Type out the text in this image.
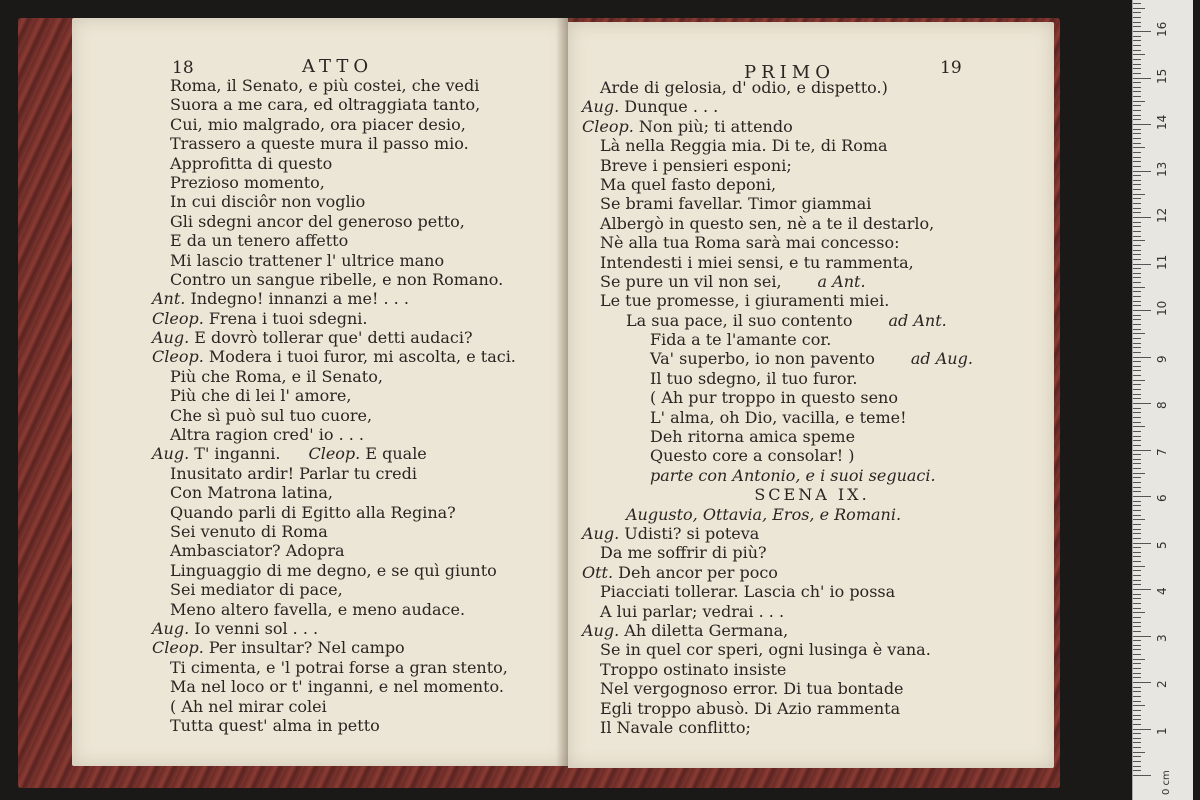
18	ATTO
Roma, il Senato, e più costei, che vedi
Suora a me cara, ed oltraggiata tanto,
Cui, mio malgrado, ora piacer desio,
Trassero a queste mura il passo mio.
Approfitta di questo
Prezioso momento,
In cui disciôr non voglio
Gli sdegni ancor del generoso petto,
E da un tenero affetto
Mi lascio trattener l' ultrice mano
Contro un sangue ribelle, e non Romano.
Ant. Indegno! innanzi a me! . . .
Cleop. Frena i tuoi sdegni.
Aug. E dovrò tollerar que' detti audaci?
Cleop. Modera i tuoi furor, mi ascolta, e taci.
Più che Roma, e il Senato,
Più che di lei l' amore,
Che sì può sul tuo cuore,
Altra ragion cred' io . . .
Aug. T' inganni. Cleop. E quale
Inusitato ardir! Parlar tu credi
Con Matrona latina,
Quando parli di Egitto alla Regina?
Sei venuto di Roma
Ambasciator? Adopra
Linguaggio di me degno, e se quì giunto
Sei mediator di pace,
Meno altero favella, e meno audace.
Aug. Io venni sol . . .
Cleop. Per insultar? Nel campo
Ti cimenta, e 'l potrai forse a gran stento,
Ma nel loco or t' inganni, e nel momento.
( Ah nel mirar colei
Tutta quest' alma in petto
PRIMO	19
Arde di gelosia, d' odio, e dispetto.)
Aug. Dunque . . .
Cleop. Non più; ti attendo
Là nella Reggia mia. Di te, di Roma
Breve i pensieri esponi;
Ma quel fasto deponi,
Se brami favellar. Timor giammai
Albergò in questo sen, nè a te il destarlo,
Nè alla tua Roma sarà mai concesso:
Intendesti i miei sensi, e tu rammenta,
Se pure un vil non sei, a Ant.
Le tue promesse, i giuramenti miei.
La sua pace, il suo contento ad Ant.
Fida a te l'amante cor.
Va' superbo, io non pavento ad Aug.
Il tuo sdegno, il tuo furor.
( Ah pur troppo in questo seno
L' alma, oh Dio, vacilla, e teme!
Deh ritorna amica speme
Questo core a consolar! )
parte con Antonio, e i suoi seguaci.
SCENA IX.
Augusto, Ottavia, Eros, e Romani.
Aug. Udisti? si poteva
Da me soffrir di più?
Ott. Deh ancor per poco
Piacciati tollerar. Lascia ch' io possa
A lui parlar; vedrai . . .
Aug. Ah diletta Germana,
Se in quel cor speri, ogni lusinga è vana.
Troppo ostinato insiste
Nel vergognoso error. Di tua bontade
Egli troppo abusò. Di Azio rammenta
Il Navale conflitto;
16
15
14
13
12
11
10
9
8
7
6
5
4
3
2
1
0 cm
